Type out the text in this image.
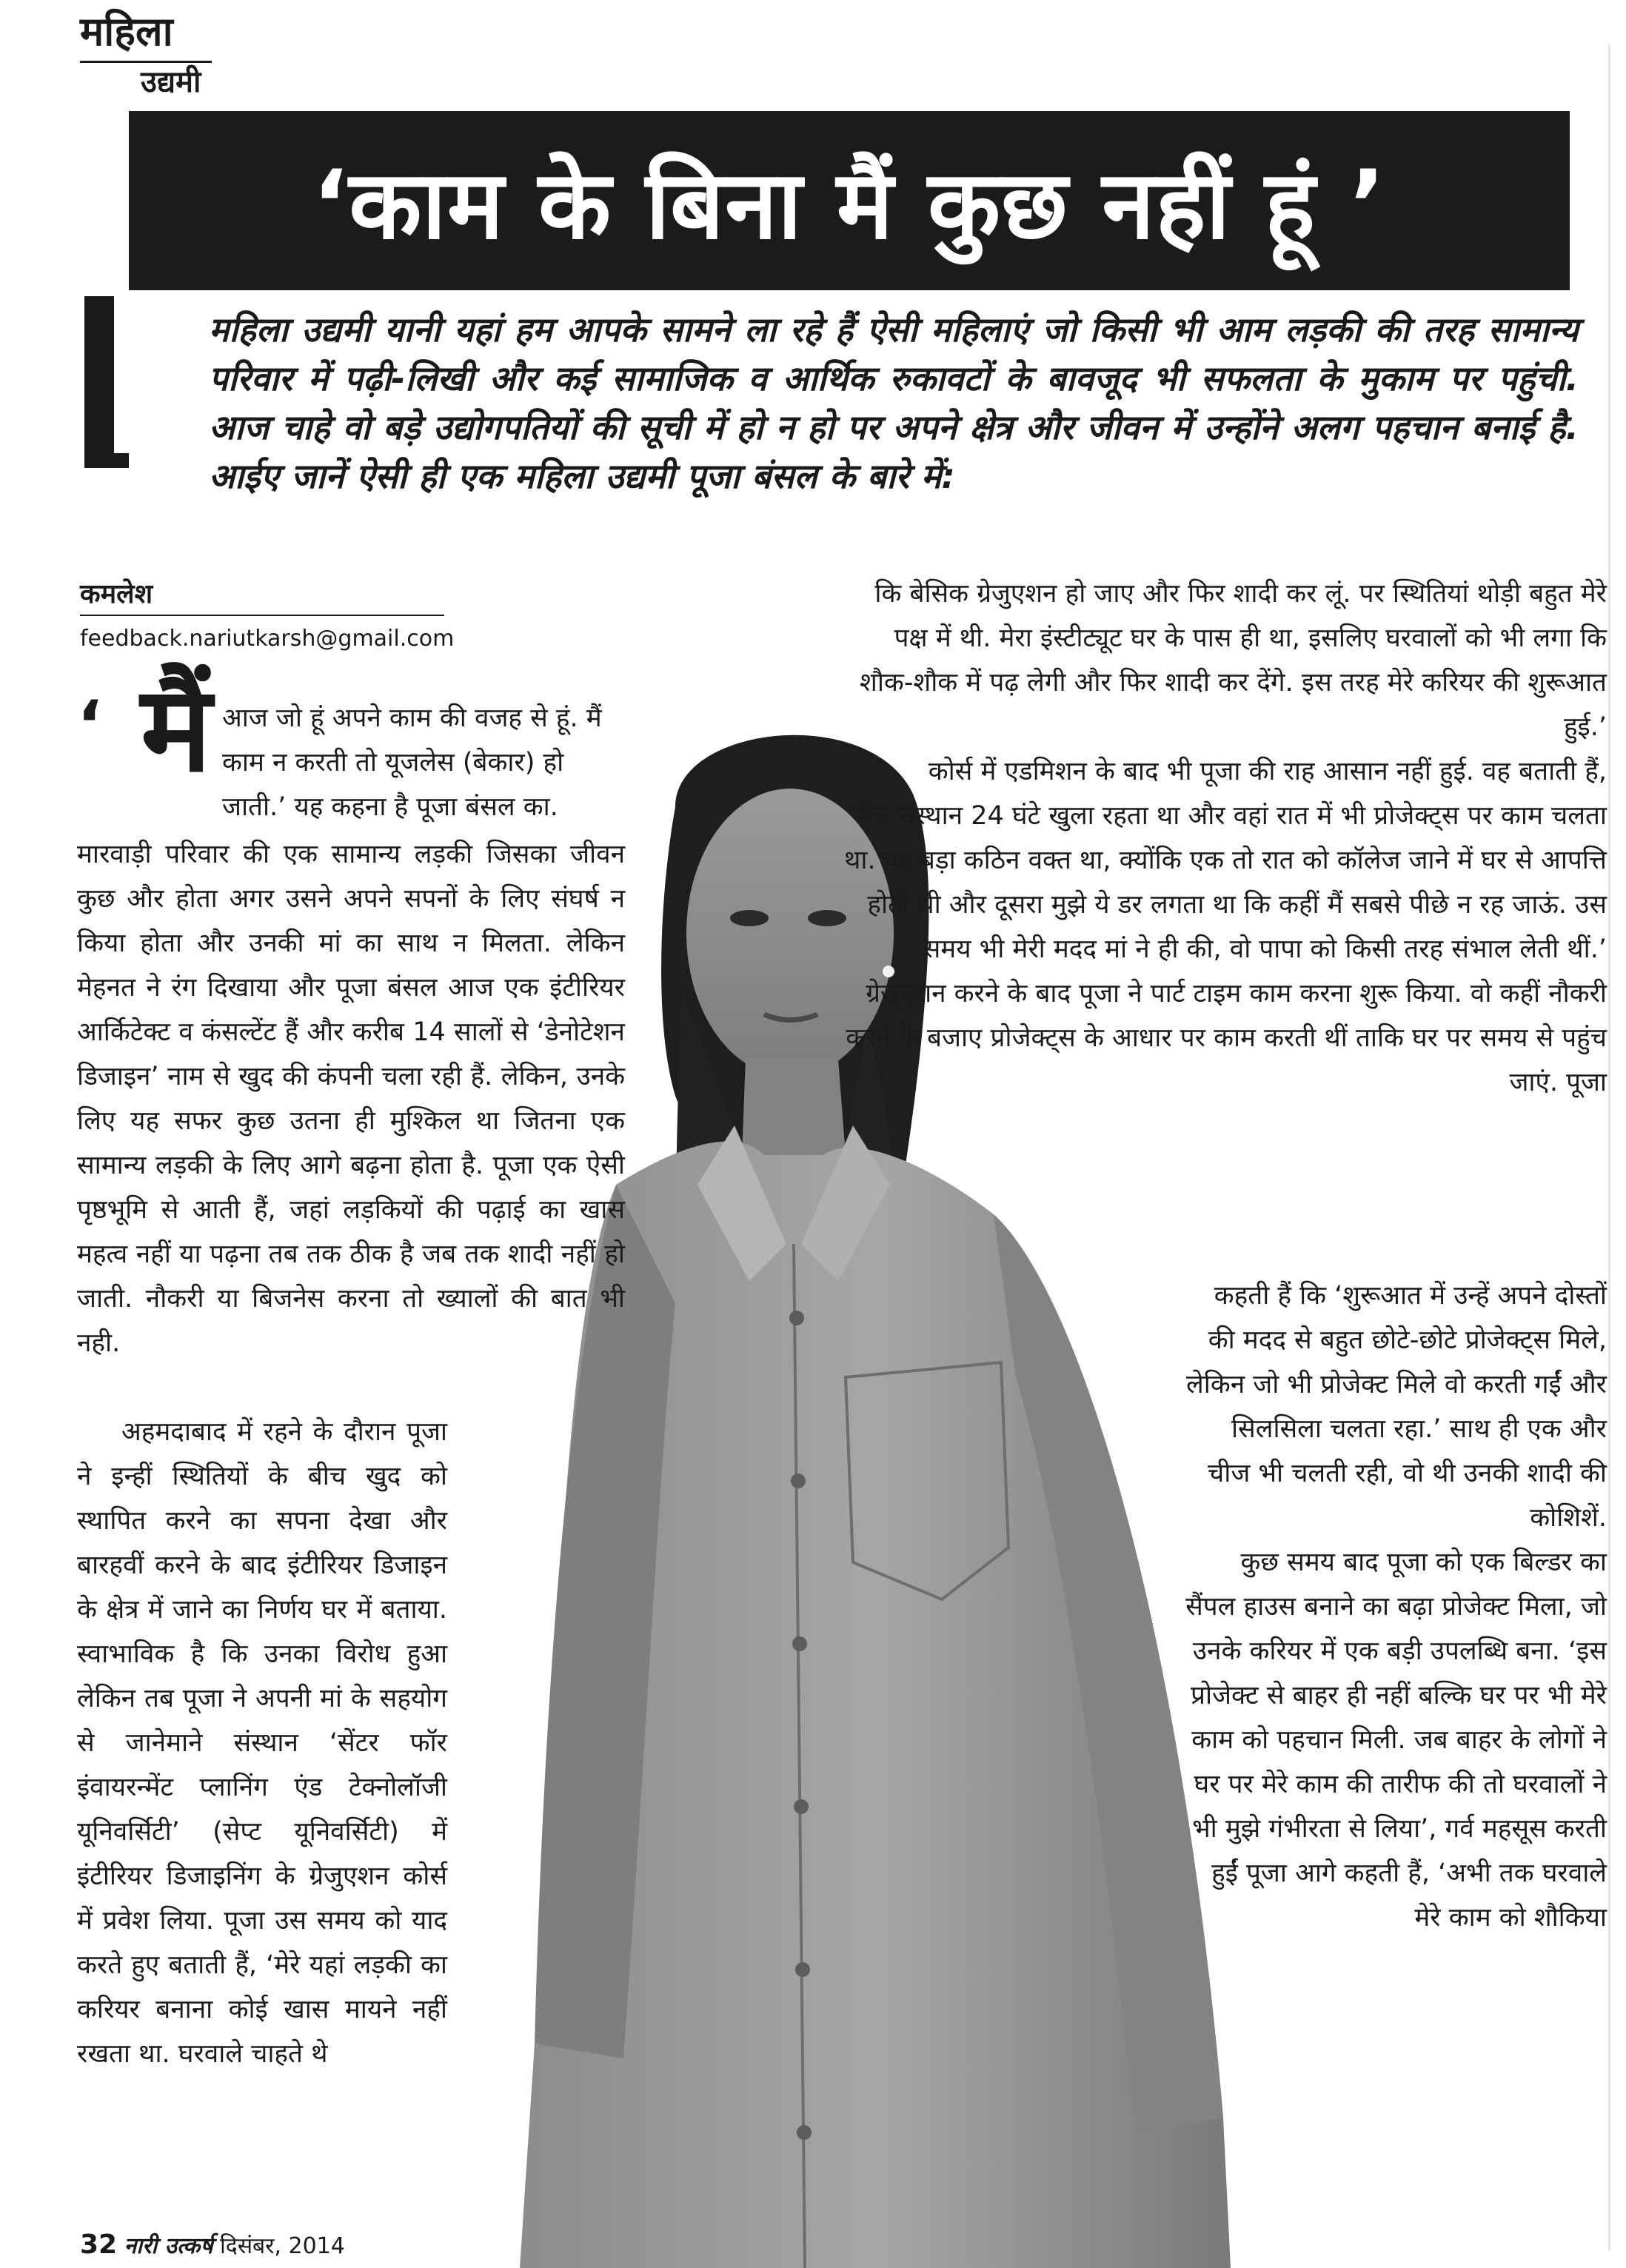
महिला
उद्यमी
‘काम के बिना मैं कुछ नहीं हूं ’
महिला उद्यमी यानी यहां हम आपके सामने ला रहे हैं ऐसी महिलाएं जो किसी भी आम लड़की की तरह सामान्य परिवार में पढ़ी-लिखी और कई सामाजिक व आर्थिक रुकावटों के बावजूद भी सफलता के मुकाम पर पहुंची. आज चाहे वो बड़े उद्योगपतियों की सूची में हो न हो पर अपने क्षेत्र और जीवन में उन्होंने अलग पहचान बनाई है. आईए जानें ऐसी ही एक महिला उद्यमी पूजा बंसल के बारे में:
कमलेश
feedback.nariutkarsh@gmail.com
‘ मैं आज जो हूं अपने काम की वजह से हूं. मैं

काम न करती तो यूजलेस (बेकार) हो

जाती.’ यह कहना है पूजा बंसल का.

मारवाड़ी परिवार की एक सामान्य लड़की जिसका जीवन कुछ और होता अगर उसने अपने सपनों के लिए संघर्ष न किया होता और उनकी मां का साथ न मिलता. लेकिन मेहनत ने रंग दिखाया और पूजा बंसल आज एक इंटीरियर आर्किटेक्ट व कंसल्टेंट हैं और करीब 14 सालों से ‘डेनोटेशन डिजाइन’ नाम से खुद की कंपनी चला रही हैं. लेकिन, उनके लिए यह सफर कुछ उतना ही मुश्किल था जितना एक सामान्य लड़की के लिए आगे बढ़ना होता है. पूजा एक ऐसी पृष्ठभूमि से आती हैं, जहां लड़कियों की पढ़ाई का खास महत्व नहीं या पढ़ना तब तक ठीक है जब तक शादी नहीं हो जाती. नौकरी या बिजनेस करना तो ख्यालों की बात भी नही.

अहमदाबाद में रहने के दौरान पूजा ने इन्हीं स्थितियों के बीच खुद को स्थापित करने का सपना देखा और बारहवीं करने के बाद इंटीरियर डिजाइन के क्षेत्र में जाने का निर्णय घर में बताया. स्वाभाविक है कि उनका विरोध हुआ लेकिन तब पूजा ने अपनी मां के सहयोग से जानेमाने संस्थान ‘सेंटर फॉर इंवायरन्मेंट प्लानिंग एंड टेक्नोलॉजी यूनिवर्सिटी’ (सेप्ट यूनिवर्सिटी) में इंटीरियर डिजाइनिंग के ग्रेजुएशन कोर्स में प्रवेश लिया. पूजा उस समय को याद करते हुए बताती हैं, ‘मेरे यहां लड़की का करियर बनाना कोई खास मायने नहीं रखता था. घरवाले चाहते थे

कि बेसिक ग्रेजुएशन हो जाए और फिर शादी कर लूं. पर स्थितियां थोड़ी बहुत मेरे पक्ष में थी. मेरा इंस्टीट्यूट घर के पास ही था, इसलिए घरवालों को भी लगा कि शौक-शौक में पढ़ लेगी और फिर शादी कर देंगे. इस तरह मेरे करियर की शुरूआत हुई.’

कोर्स में एडमिशन के बाद भी पूजा की राह आसान नहीं हुई. वह बताती हैं, ‘मेरा संस्थान 24 घंटे खुला रहता था और वहां रात में भी प्रोजेक्ट्स पर काम चलता था. वह बड़ा कठिन वक्त था, क्योंकि एक तो रात को कॉलेज जाने में घर से आपत्ति होती थी और दूसरा मुझे ये डर लगता था कि कहीं मैं सबसे पीछे न रह जाऊं. उस समय भी मेरी मदद मां ने ही की, वो पापा को किसी तरह संभाल लेती थीं.’ ग्रेजुएशन करने के बाद पूजा ने पार्ट टाइम काम करना शुरू किया. वो कहीं नौकरी करने के बजाए प्रोजेक्ट्स के आधार पर काम करती थीं ताकि घर पर समय से पहुंच जाएं. पूजा

कहती हैं कि ‘शुरूआत में उन्हें अपने दोस्तों की मदद से बहुत छोटे-छोटे प्रोजेक्ट्स मिले, लेकिन जो भी प्रोजेक्ट मिले वो करती गईं और सिलसिला चलता रहा.’ साथ ही एक और चीज भी चलती रही, वो थी उनकी शादी की कोशिशें.

कुछ समय बाद पूजा को एक बिल्डर का सैंपल हाउस बनाने का बढ़ा प्रोजेक्ट मिला, जो उनके करियर में एक बड़ी उपलब्धि बना. ‘इस प्रोजेक्ट से बाहर ही नहीं बल्कि घर पर भी मेरे काम को पहचान मिली. जब बाहर के लोगों ने घर पर मेरे काम की तारीफ की तो घरवालों ने भी मुझे गंभीरता से लिया’, गर्व महसूस करती हुईं पूजा आगे कहती हैं, ‘अभी तक घरवाले मेरे काम को शौकिया

32 नारी उत्कर्ष दिसंबर, 2014
